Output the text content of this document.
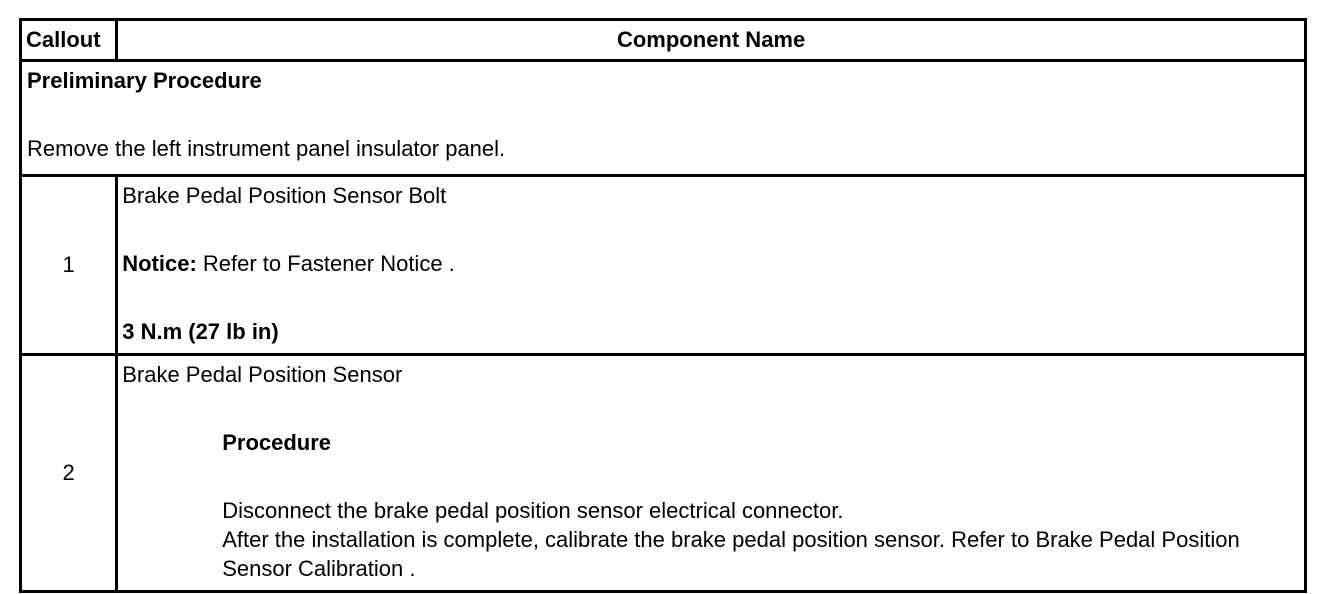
Callout	Component Name

Preliminary Procedure
Remove the left instrument panel insulator panel.	

1	Brake Pedal Position Sensor Bolt
Notice: Refer to Fastener Notice .
3 N.m (27 lb in)

2	Brake Pedal Position Sensor
Procedure
Disconnect the brake pedal position sensor electrical connector.
After the installation is complete, calibrate the brake pedal position sensor. Refer to Brake Pedal Position Sensor Calibration .
